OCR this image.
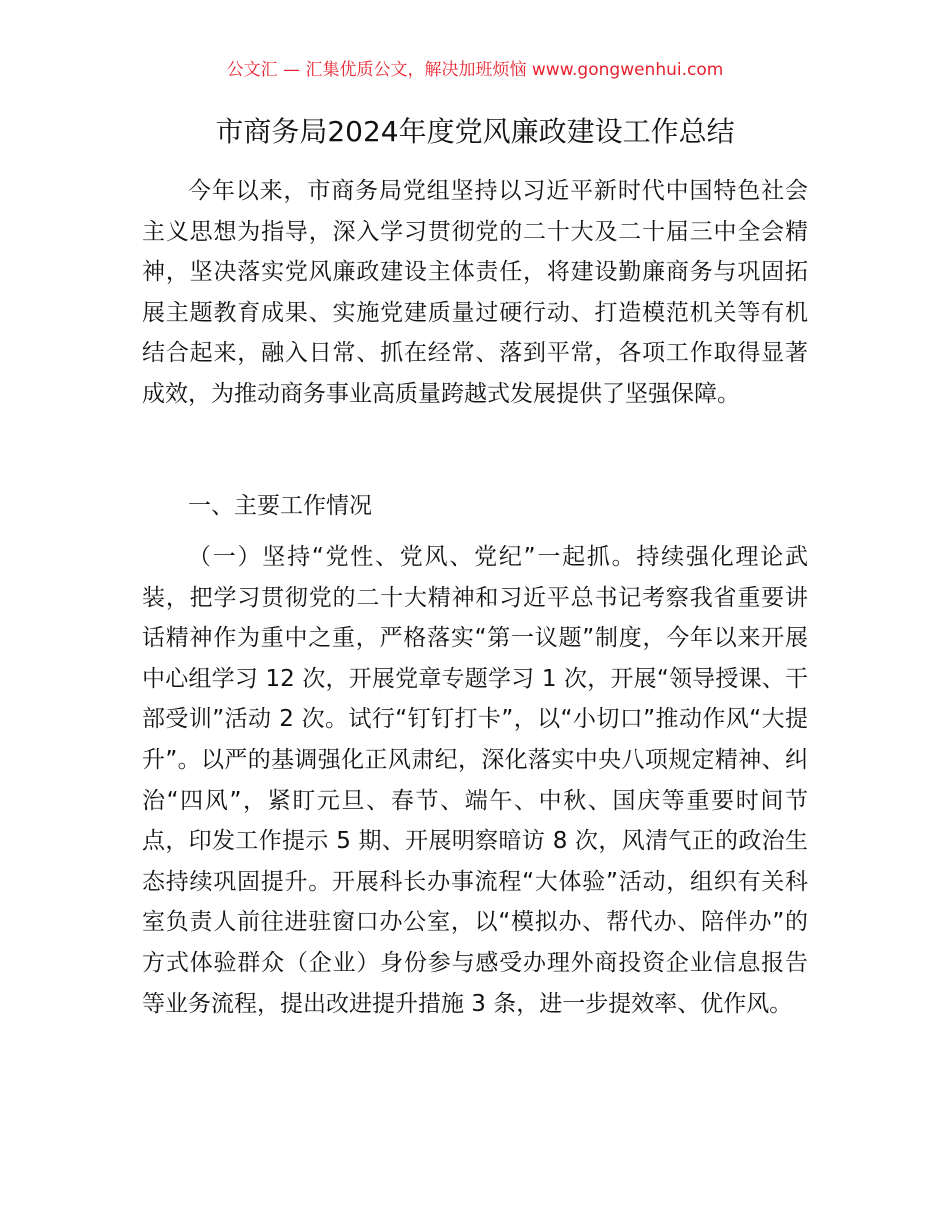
公文汇 — 汇集优质公文，解决加班烦恼 www.gongwenhui.com
市商务局2024年度党风廉政建设工作总结

今年以来，市商务局党组坚持以习近平新时代中国特色社会主义思想为指导，深入学习贯彻党的二十大及二十届三中全会精神，坚决落实党风廉政建设主体责任，将建设勤廉商务与巩固拓展主题教育成果、实施党建质量过硬行动、打造模范机关等有机结合起来，融入日常、抓在经常、落到平常，各项工作取得显著成效，为推动商务事业高质量跨越式发展提供了坚强保障。

一、主要工作情况

（一）坚持“党性、党风、党纪”一起抓。持续强化理论武装，把学习贯彻党的二十大精神和习近平总书记考察我省重要讲话精神作为重中之重，严格落实“第一议题”制度，今年以来开展中心组学习 12 次，开展党章专题学习 1 次，开展“领导授课、干部受训”活动 2 次。试行“钉钉打卡”，以“小切口”推动作风“大提升”。以严的基调强化正风肃纪，深化落实中央八项规定精神、纠治“四风”，紧盯元旦、春节、端午、中秋、国庆等重要时间节点，印发工作提示 5 期、开展明察暗访 8 次，风清气正的政治生态持续巩固提升。开展科长办事流程“大体验”活动，组织有关科室负责人前往进驻窗口办公室，以“模拟办、帮代办、陪伴办”的方式体验群众（企业）身份参与感受办理外商投资企业信息报告等业务流程，提出改进提升措施 3 条，进一步提效率、优作风。
